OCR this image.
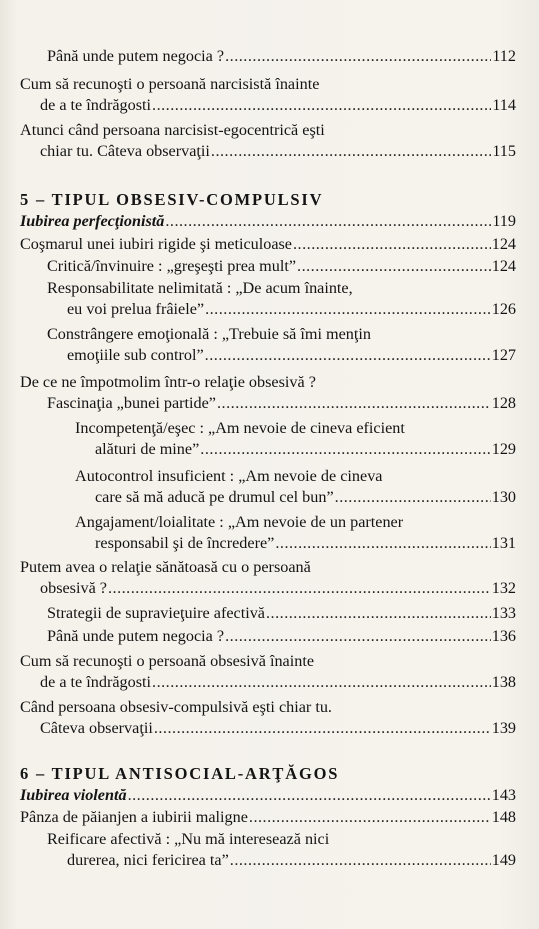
Până unde putem negocia ? .....	112
Cum să recunoşti o persoană narcisistă înainte
de a te îndrăgosti .....	114
Atunci când persoana narcisist-egocentrică eşti
chiar tu. Câteva observaţii .....	115
5 – TIPUL OBSESIV-COMPULSIV
Iubirea perfecţionistă .....	119
Coşmarul unei iubiri rigide şi meticuloase .....	124
Critică/învinuire : „greşeşti prea mult” .....	124
Responsabilitate nelimitată : „De acum înainte,
eu voi prelua frâiele” .....	126
Constrângere emoţională : „Trebuie să îmi menţin
emoţiile sub control” .....	127
De ce ne împotmolim într-o relaţie obsesivă ?
Fascinaţia „bunei partide” .....	128
Incompetenţă/eşec : „Am nevoie de cineva eficient
alături de mine” .....	129
Autocontrol insuficient : „Am nevoie de cineva
care să mă aducă pe drumul cel bun” .....	130
Angajament/loialitate : „Am nevoie de un partener
responsabil şi de încredere” .....	131
Putem avea o relaţie sănătoasă cu o persoană
obsesivă ? .....	132
Strategii de supravieţuire afectivă .....	133
Până unde putem negocia ? .....	136
Cum să recunoşti o persoană obsesivă înainte
de a te îndrăgosti .....	138
Când persoana obsesiv-compulsivă eşti chiar tu.
Câteva observaţii .....	139
6 – TIPUL ANTISOCIAL-ARŢĂGOS
Iubirea violentă .....	143
Pânza de păianjen a iubirii maligne .....	148
Reificare afectivă : „Nu mă interesează nici
durerea, nici fericirea ta” .....	149
